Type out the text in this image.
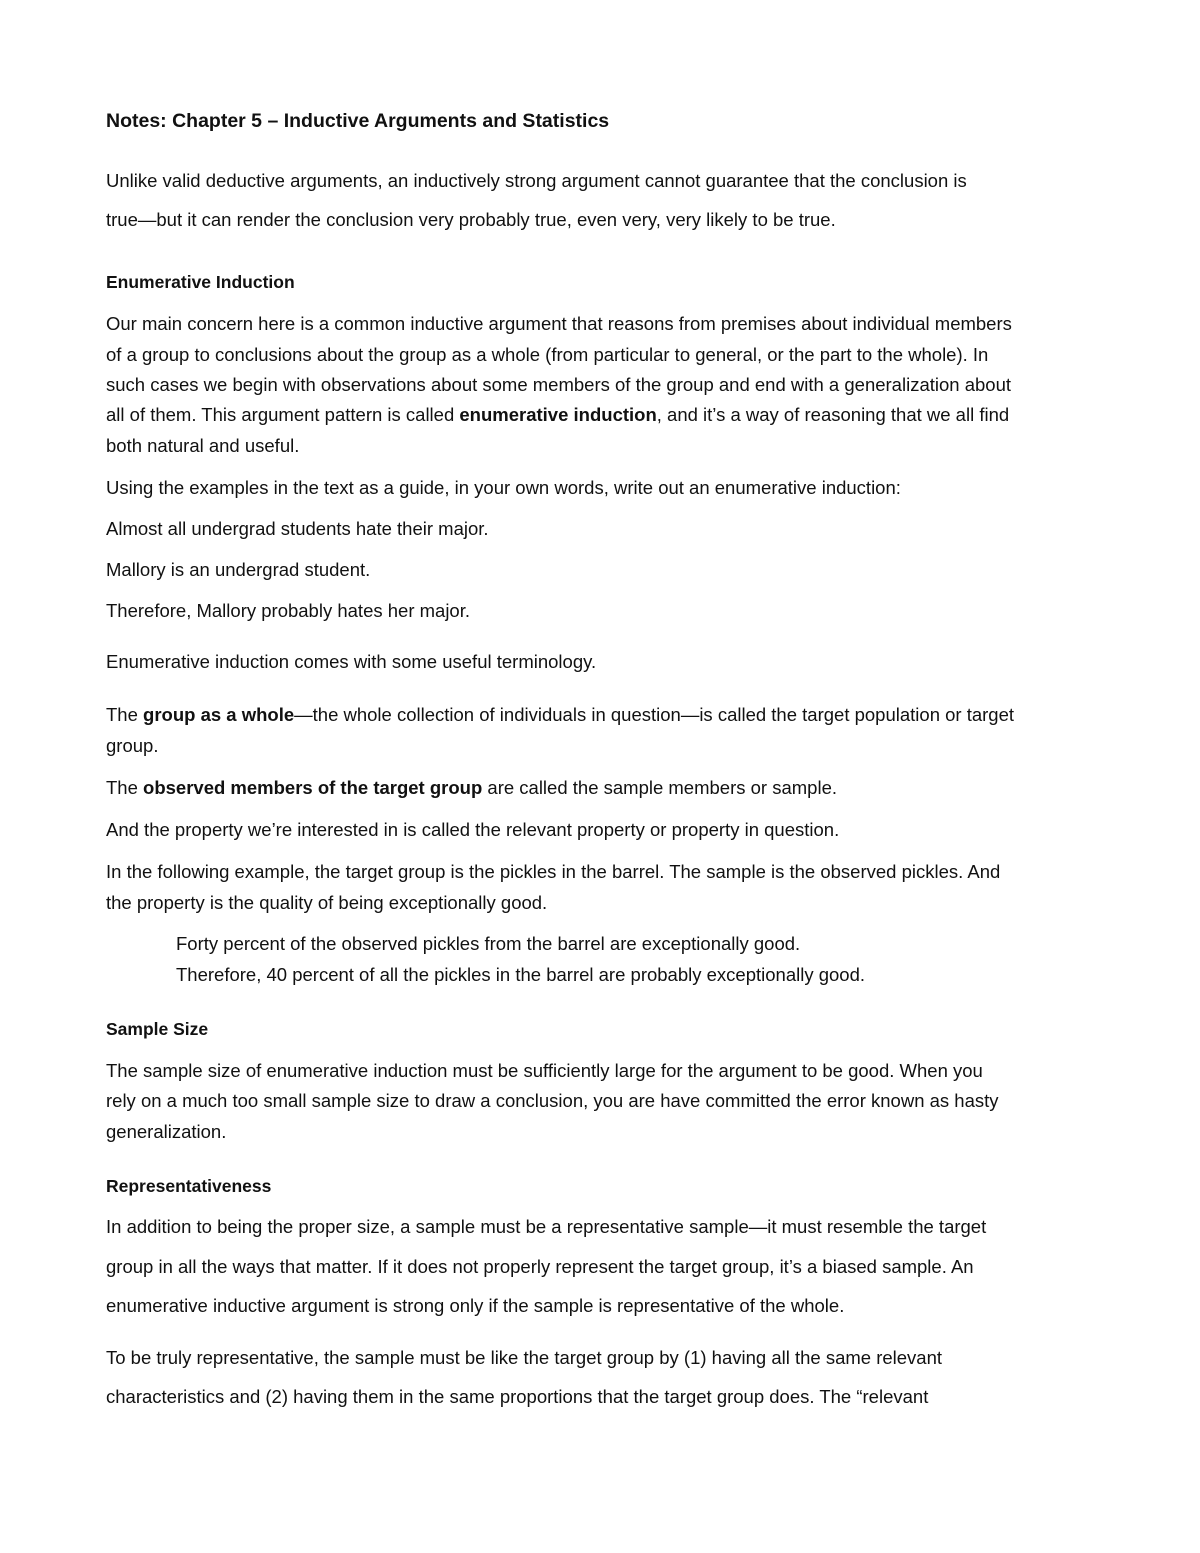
Notes: Chapter 5 – Inductive Arguments and Statistics

Unlike valid deductive arguments, an inductively strong argument cannot guarantee that the conclusion is

true—but it can render the conclusion very probably true, even very, very likely to be true.

Enumerative Induction

Our main concern here is a common inductive argument that reasons from premises about individual members

of a group to conclusions about the group as a whole (from particular to general, or the part to the whole). In

such cases we begin with observations about some members of the group and end with a generalization about

all of them. This argument pattern is called enumerative induction, and it’s a way of reasoning that we all find

both natural and useful.

Using the examples in the text as a guide, in your own words, write out an enumerative induction:

Almost all undergrad students hate their major.

Mallory is an undergrad student.

Therefore, Mallory probably hates her major.

Enumerative induction comes with some useful terminology.

The group as a whole—the whole collection of individuals in question—is called the target population or target

group.

The observed members of the target group are called the sample members or sample.

And the property we’re interested in is called the relevant property or property in question.

In the following example, the target group is the pickles in the barrel. The sample is the observed pickles. And

the property is the quality of being exceptionally good.

Forty percent of the observed pickles from the barrel are exceptionally good.

Therefore, 40 percent of all the pickles in the barrel are probably exceptionally good.

Sample Size

The sample size of enumerative induction must be sufficiently large for the argument to be good. When you

rely on a much too small sample size to draw a conclusion, you are have committed the error known as hasty

generalization.

Representativeness

In addition to being the proper size, a sample must be a representative sample—it must resemble the target

group in all the ways that matter. If it does not properly represent the target group, it’s a biased sample. An

enumerative inductive argument is strong only if the sample is representative of the whole.

To be truly representative, the sample must be like the target group by (1) having all the same relevant

characteristics and (2) having them in the same proportions that the target group does. The “relevant
